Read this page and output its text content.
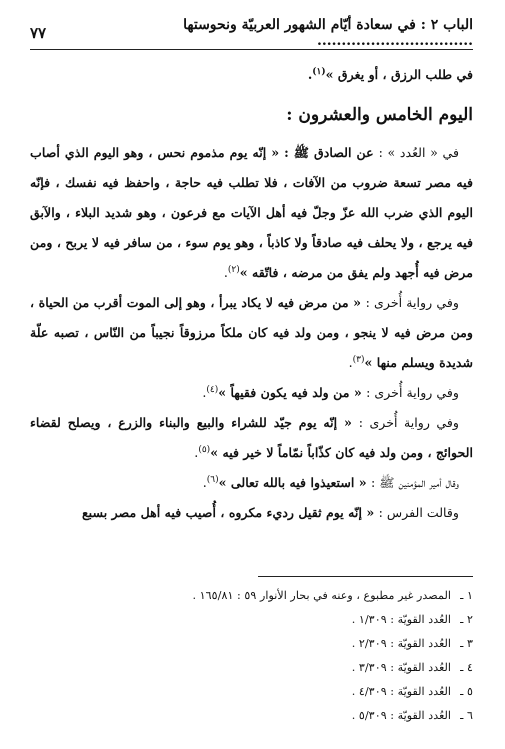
الباب ٢ : في سعادة أيّام الشهور العربيّة ونحوستها ................................
٧٧

في طلب الرزق ، أو يغرق »$^{(١)}$.

اليوم الخامس والعشرون :

في « العُدد » : عن الصادق ﷺ : « إنّه يوم مذموم نحس ، وهو اليوم الذي أصاب فيه مصر تسعة ضروب من الآفات ، فلا تطلب فيه حاجة ، واحفظ فيه نفسك ، فإنّه اليوم الذي ضرب الله عزّ وجلّ فيه أهل الآيات مع فرعون ، وهو شديد البلاء ، والآبق فيه يرجع ، ولا يحلف فيه صادقاً ولا كاذباً ، وهو يوم سوء ، من سافر فيه لا يربح ، ومن مرض فيه أُجهد ولم يفق من مرضه ، فاتّقه »$^{(٢)}$.

وفي رواية أُخرى : « من مرض فيه لا يكاد يبرأ ، وهو إلى الموت أقرب من الحياة ، ومن مرض فيه لا ينجو ، ومن ولد فيه كان ملكاً مرزوقاً نجيباً من النّاس ، تصبه علّة شديدة ويسلم منها »$^{(٣)}$.

وفي رواية أُخرى : « من ولد فيه يكون فقيهاً »$^{(٤)}$.

وفي رواية أُخرى : « إنّه يوم جيّد للشراء والبيع والبناء والزرع ، ويصلح لقضاء الحوائج ، ومن ولد فيه كان كذّاباً نمّاماً لا خير فيه »$^{(٥)}$.

وقال أمير المؤمنين ﷺ : « استعيذوا فيه بالله تعالى »$^{(٦)}$.

وقالت الفرس : « إنّه يوم ثقيل رديء مكروه ، أُصيب فيه أهل مصر بسبع

١ ـ
المصدر غير مطبوع ، وعنه في بحار الأنوار ٥٩ : ١٦٥/٨١ .
٢ ـ
العُدد القويّة : ١/٣٠٩ .
٣ ـ
العُدد القويّة : ٢/٣٠٩ .
٤ ـ
العُدد القويّة : ٣/٣٠٩ .
٥ ـ
العُدد القويّة : ٤/٣٠٩ .
٦ ـ
العُدد القويّة : ٥/٣٠٩ .
